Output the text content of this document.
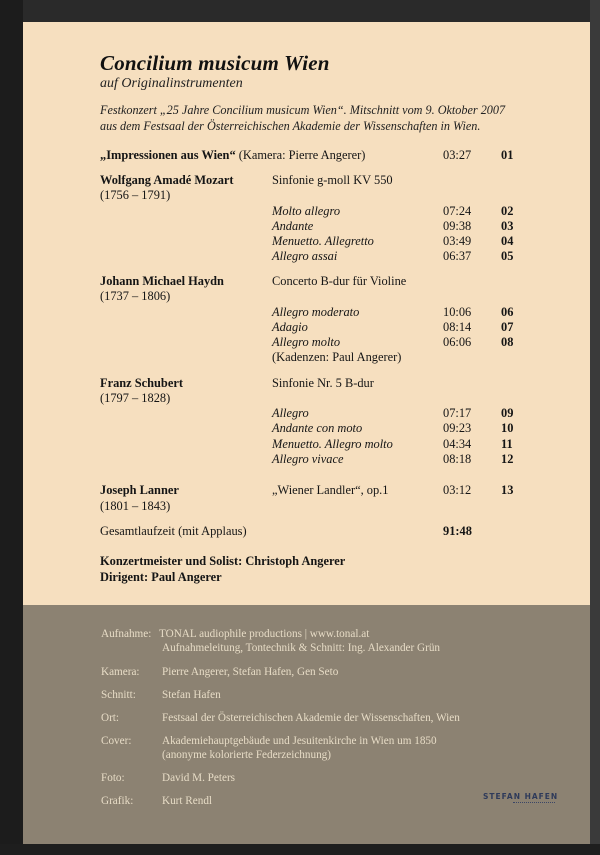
Concilium musicum Wien
auf Originalinstrumenten
Festkonzert „25 Jahre Concilium musicum Wien“. Mitschnitt vom 9. Oktober 2007
aus dem Festsaal der Österreichischen Akademie der Wissenschaften in Wien.
„Impressionen aus Wien“ (Kamera: Pierre Angerer)	03:27 01
Wolfgang Amadé Mozart
(1756 – 1791)
Sinfonie g-moll KV 550
Molto allegro	07:24 02
Andante	09:38 03
Menuetto. Allegretto	03:49 04
Allegro assai	06:37 05
Johann Michael Haydn
(1737 – 1806)
Concerto B-dur für Violine
Allegro moderato	10:06 06
Adagio	08:14 07
Allegro molto	06:06 08
(Kadenzen: Paul Angerer)
Franz Schubert
(1797 – 1828)
Sinfonie Nr. 5 B-dur
Allegro	07:17 09
Andante con moto	09:23 10
Menuetto. Allegro molto	04:34 11
Allegro vivace	08:18 12
Joseph Lanner
(1801 – 1843)
„Wiener Landler“, op.1	03:12 13
Gesamtlaufzeit (mit Applaus)	91:48
Konzertmeister und Solist: Christoph Angerer
Dirigent: Paul Angerer
Aufnahme: TONAL audiophile productions | www.tonal.at
Aufnahmeleitung, Tontechnik & Schnitt: Ing. Alexander Grün
Kamera: Pierre Angerer, Stefan Hafen, Gen Seto
Schnitt: Stefan Hafen
Ort:	Festsaal der Österreichischen Akademie der Wissenschaften, Wien
Cover:	Akademiehauptgebäude und Jesuitenkirche in Wien um 1850
(anonyme kolorierte Federzeichnung)
Foto:	David M. Peters
Grafik:	Kurt Rendl	STEFAN HAFEN
